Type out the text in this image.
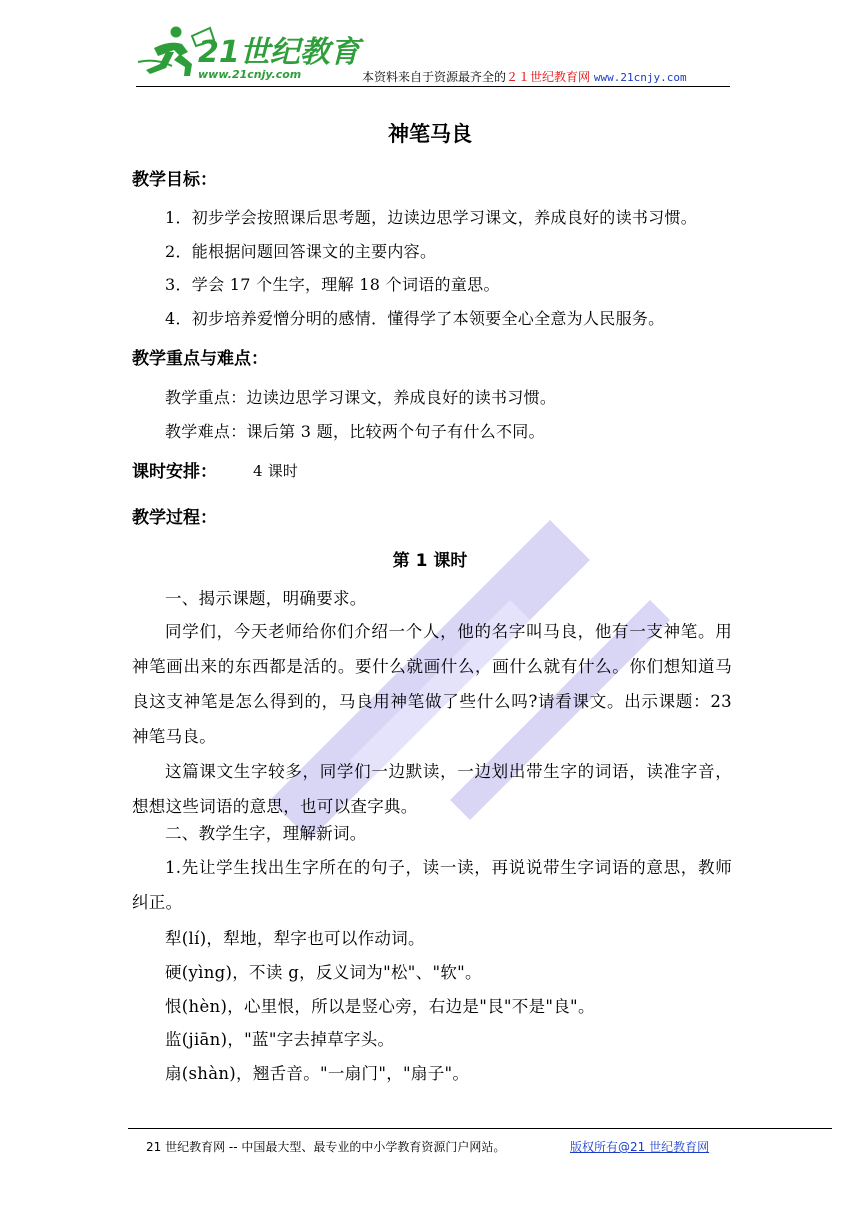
21世纪教育
www.21cnjy.com	本资料来自于资源最齐全的２１世纪教育网 www.21cnjy.com
神笔马良
教学目标：
1．初步学会按照课后思考题，边读边思学习课文，养成良好的读书习惯。
2．能根据问题回答课文的主要内容。
3．学会 17 个生字，理解 18 个词语的童思。
4．初步培养爱憎分明的感情．懂得学了本领要全心全意为人民服务。
教学重点与难点：
教学重点：边读边思学习课文，养成良好的读书习惯。
教学难点：课后第 3 题，比较两个句子有什么不同。
课时安排： 4 课时
教学过程：
第 1 课时
一、揭示课题，明确要求。
同学们，今天老师给你们介绍一个人，他的名字叫马良，他有一支神笔。用神笔画出来的东西都是活的。要什么就画什么，画什么就有什么。你们想知道马良这支神笔是怎么得到的，马良用神笔做了些什么吗?请看课文。出示课题：23 神笔马良。
这篇课文生字较多，同学们一边默读，一边划出带生字的词语，读准字音，想想这些词语的意思，也可以查字典。
二、教学生字，理解新词。
1.先让学生找出生字所在的句子，读一读，再说说带生字词语的意思，教师纠正。
犁(lí)，犁地，犁字也可以作动词。
硬(yìng)，不读 g，反义词为"松"、"软"。
恨(hèn)，心里恨，所以是竖心旁，右边是"艮"不是"良"。
监(jiān)，"蓝"字去掉草字头。
扇(shàn)，翘舌音。"一扇门"，"扇子"。
21 世纪教育网 -- 中国最大型、最专业的中小学教育资源门户网站。	版权所有@21 世纪教育网
